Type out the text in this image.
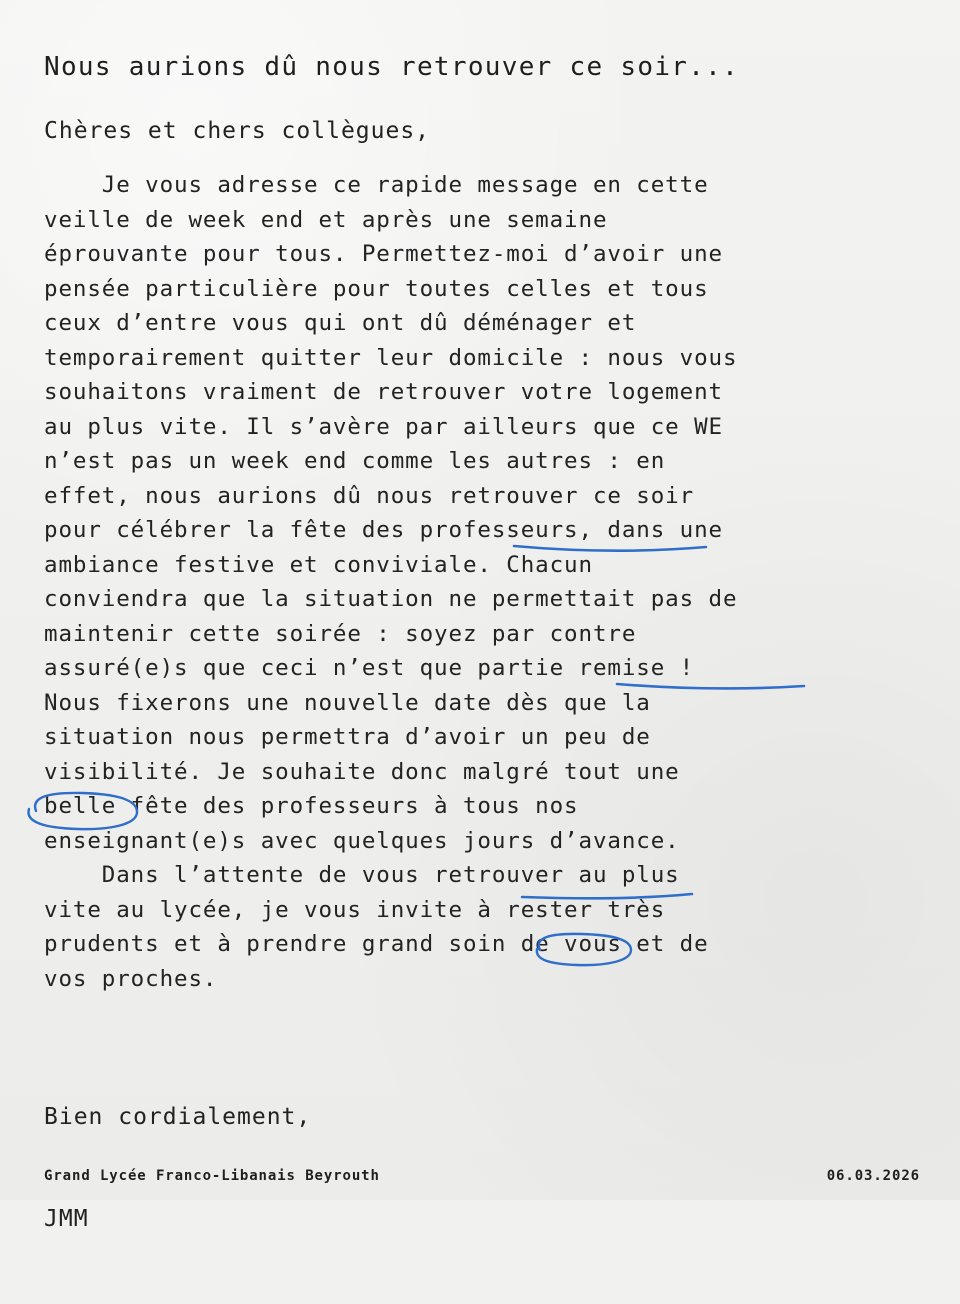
Nous aurions dû nous retrouver ce soir...
Chères et chers collègues,
Je vous adresse ce rapide message en cette
veille de week end et après une semaine
éprouvante pour tous. Permettez-moi d’avoir une
pensée particulière pour toutes celles et tous
ceux d’entre vous qui ont dû déménager et
temporairement quitter leur domicile : nous vous
souhaitons vraiment de retrouver votre logement
au plus vite. Il s’avère par ailleurs que ce WE
n’est pas un week end comme les autres : en
effet, nous aurions dû nous retrouver ce soir
pour célébrer la fête des professeurs, dans une
ambiance festive et conviviale. Chacun
conviendra que la situation ne permettait pas de
maintenir cette soirée : soyez par contre
assuré(e)s que ceci n’est que partie remise !
Nous fixerons une nouvelle date dès que la
situation nous permettra d’avoir un peu de
visibilité. Je souhaite donc malgré tout une
belle fête des professeurs à tous nos
enseignant(e)s avec quelques jours d’avance.
Dans l’attente de vous retrouver au plus
vite au lycée, je vous invite à rester très
prudents et à prendre grand soin de vous et de
vos proches.

Bien cordialement,

JMM

Grand Lycée Franco-Libanais Beyrouth	06.03.2026
